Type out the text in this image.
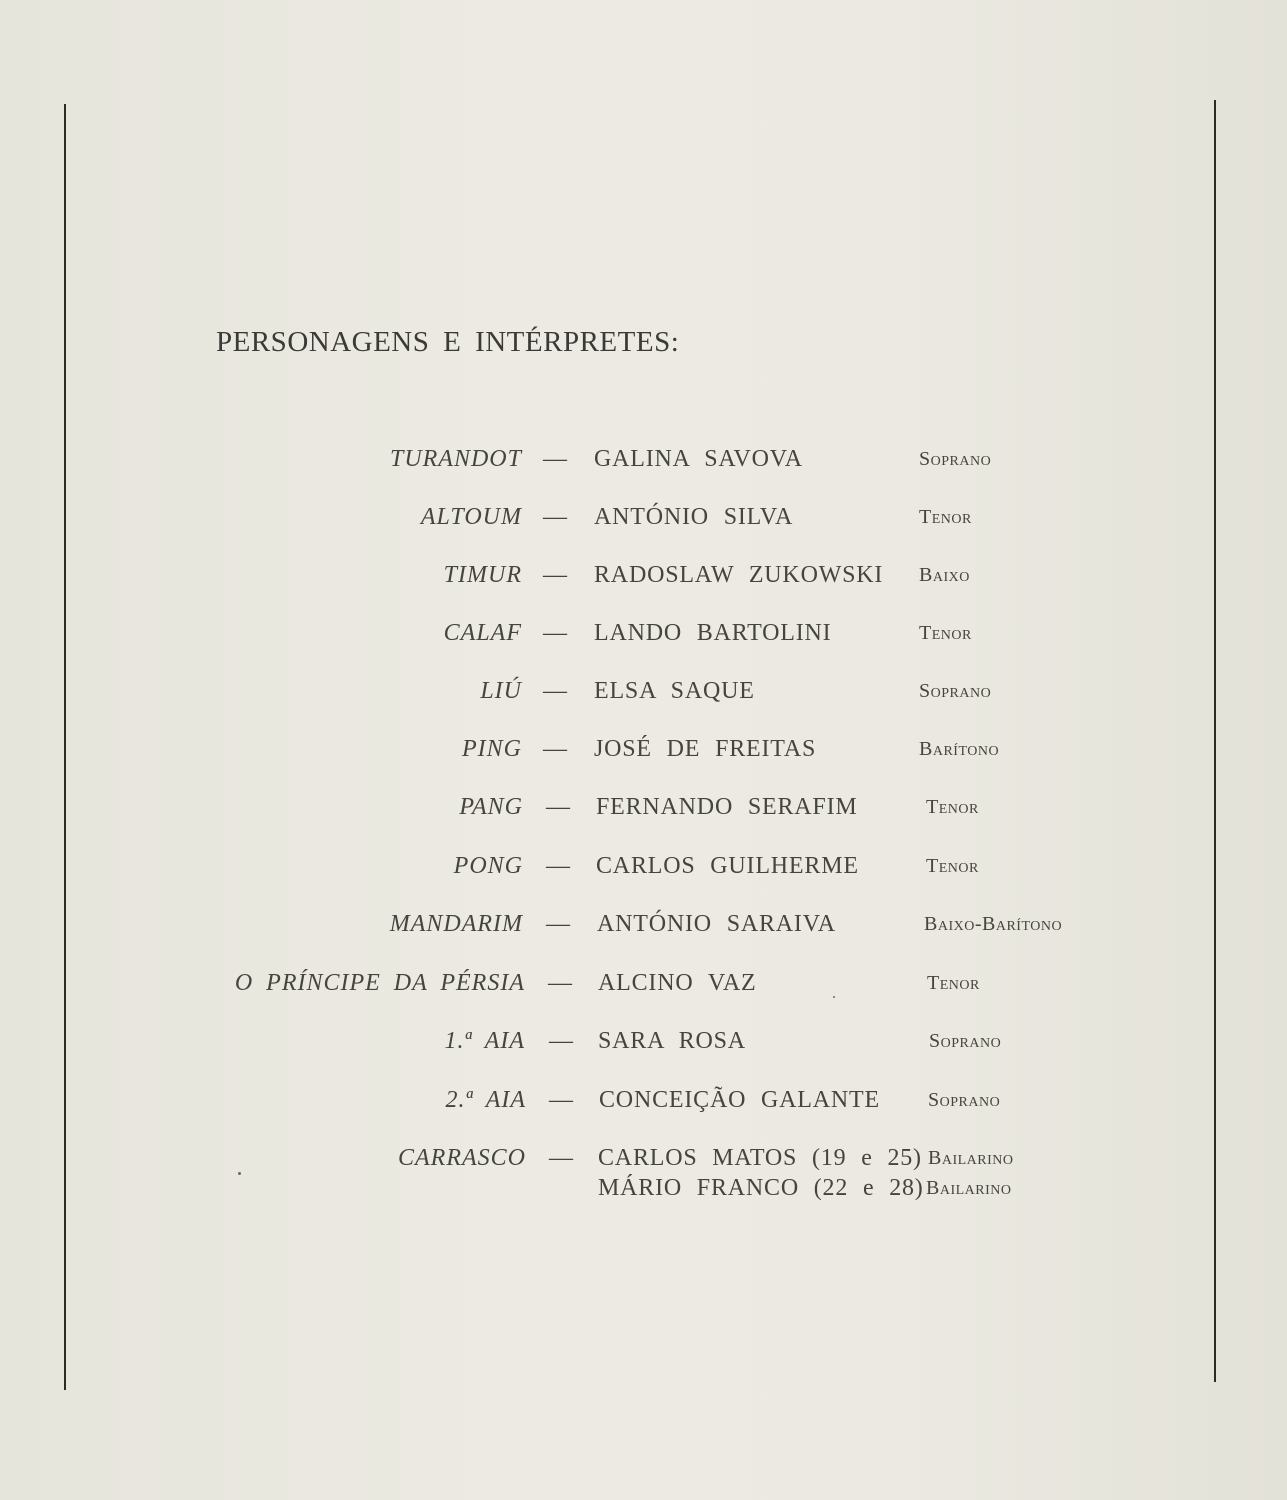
PERSONAGENS E INTÉRPRETES:
TURANDOT — GALINA SAVOVA	Soprano
ALTOUM — ANTÓNIO SILVA	Tenor
TIMUR — RADOSLAW ZUKOWSKI Baixo
CALAF — LANDO BARTOLINI	Tenor
LIÚ — ELSA SAQUE	Soprano
PING — JOSÉ DE FREITAS	Barítono
PANG — FERNANDO SERAFIM	Tenor
PONG — CARLOS GUILHERME	Tenor
MANDARIM — ANTÓNIO SARAIVA	Baixo-Barítono
O PRÍNCIPE DA PÉRSIA — ALCINO VAZ	Tenor
1.ª AIA — SARA ROSA	Soprano
2.ª AIA — CONCEIÇÃO GALANTE Soprano
CARRASCO — CARLOS MATOS (19 e 25) Bailarino
MÁRIO FRANCO (22 e 28) Bailarino
